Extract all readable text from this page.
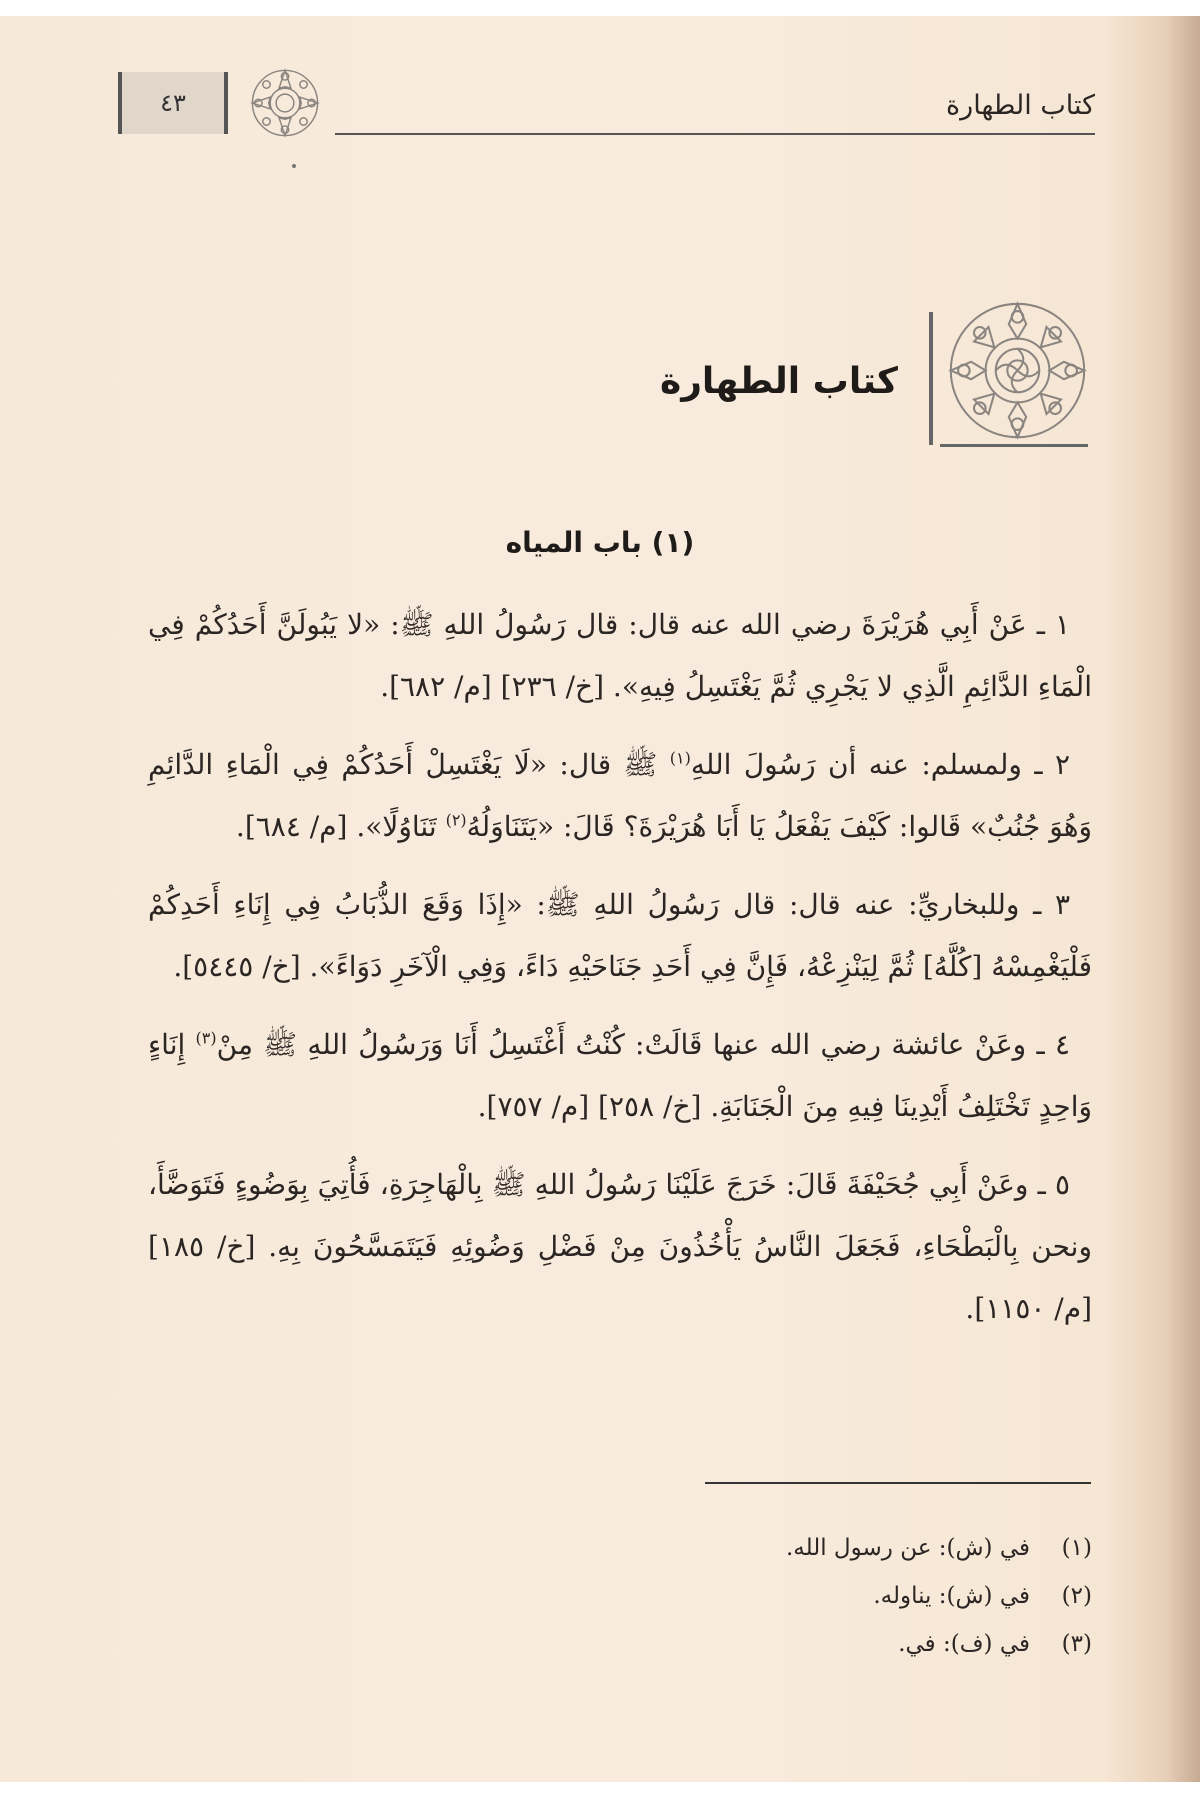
٤٣	كتاب الطهارة
كتاب الطهارة
(١) باب المياه

١ ـ عَنْ أَبِي هُرَيْرَةَ رضي الله عنه قال: قال رَسُولُ اللهِ ﷺ: «لا يَبُولَنَّ أَحَدُكُمْ فِي الْمَاءِ الدَّائِمِ الَّذِي لا يَجْرِي ثُمَّ يَغْتَسِلُ فِيهِ». [خ/ ٢٣٦] [م/ ٦٨٢].

٢ ـ ولمسلم: عنه أن رَسُولَ اللهِ$^{(١)}$ ﷺ قال: «لَا يَغْتَسِلْ أَحَدُكُمْ فِي الْمَاءِ الدَّائِمِ وَهُوَ جُنُبٌ» قَالوا: كَيْفَ يَفْعَلُ يَا أَبَا هُرَيْرَةَ؟ قَالَ: «يَتَنَاوَلُهُ$^{(٢)}$ تَنَاوُلًا». [م/ ٦٨٤].

٣ ـ وللبخاريِّ: عنه قال: قال رَسُولُ اللهِ ﷺ: «إِذَا وَقَعَ الذُّبَابُ فِي إِنَاءِ أَحَدِكُمْ فَلْيَغْمِسْهُ [كُلَّهُ] ثُمَّ لِيَنْزِعْهُ، فَإِنَّ فِي أَحَدِ جَنَاحَيْهِ دَاءً، وَفِي الْآخَرِ دَوَاءً». [خ/ ٥٤٤٥].

٤ ـ وعَنْ عائشة رضي الله عنها قَالَتْ: كُنْتُ أَغْتَسِلُ أَنَا وَرَسُولُ اللهِ ﷺ مِنْ$^{(٣)}$ إِنَاءٍ وَاحِدٍ تَخْتَلِفُ أَيْدِينَا فِيهِ مِنَ الْجَنَابَةِ. [خ/ ٢٥٨] [م/ ٧٥٧].

٥ ـ وعَنْ أَبِي جُحَيْفَةَ قَالَ: خَرَجَ عَلَيْنَا رَسُولُ اللهِ ﷺ بِالْهَاجِرَةِ، فَأُتِيَ بِوَضُوءٍ فَتَوَضَّأَ، ونحن بِالْبَطْحَاءِ، فَجَعَلَ النَّاسُ يَأْخُذُونَ مِنْ فَضْلِ وَضُوئِهِ فَيَتَمَسَّحُونَ بِهِ. [خ/ ١٨٥] [م/ ١١٥٠].

(١)
في (ش): عن رسول الله.
(٢)
في (ش): يناوله.
(٣)
في (ف): في.
